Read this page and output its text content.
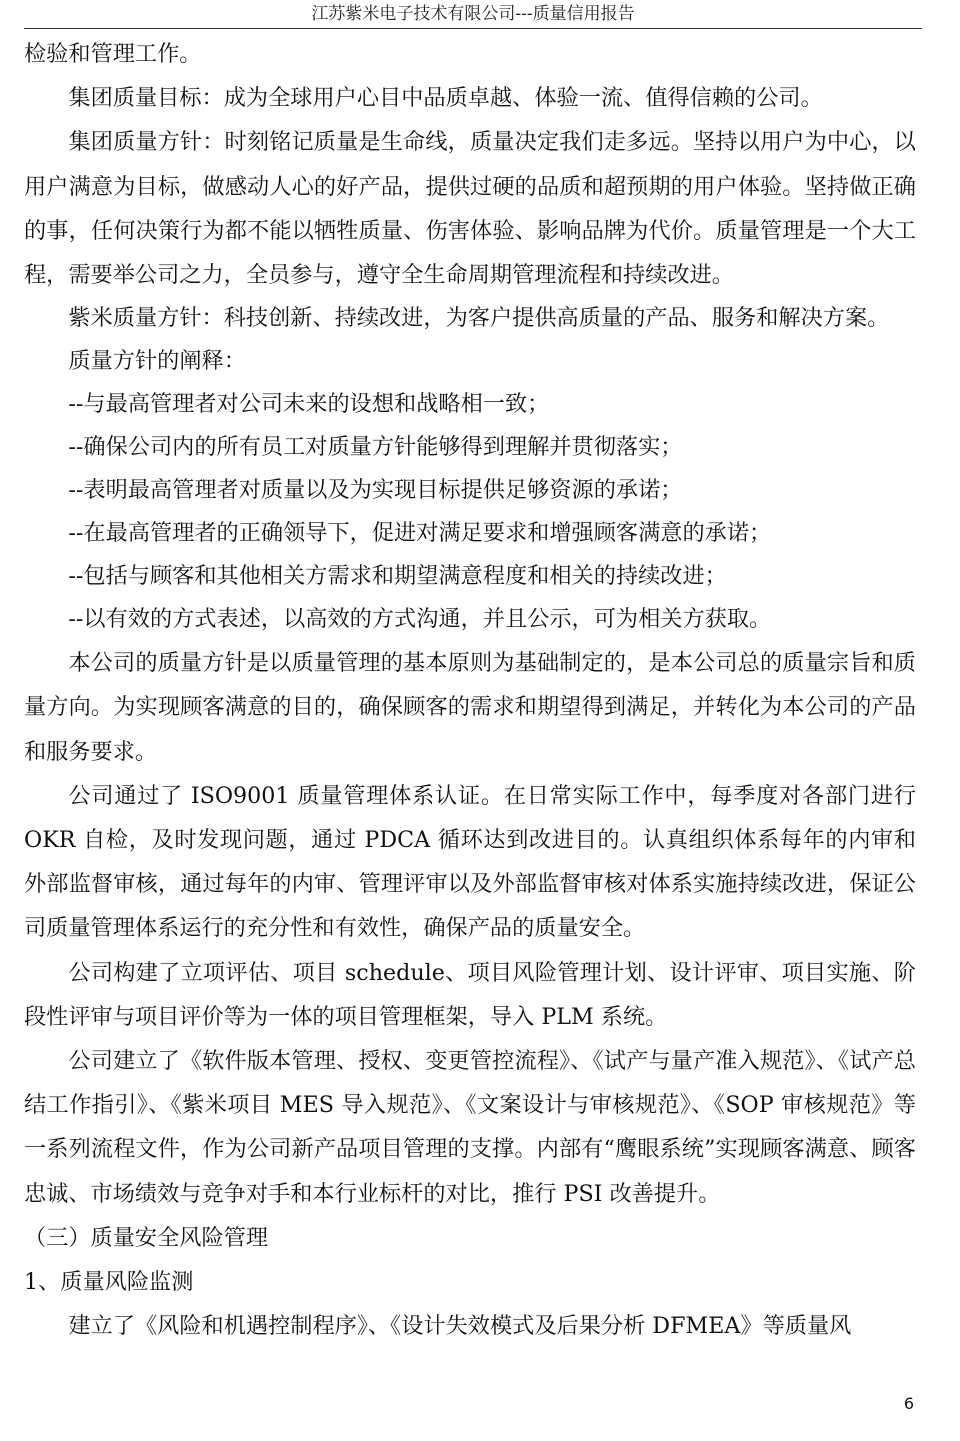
江苏紫米电子技术有限公司---质量信用报告

检验和管理工作。

集团质量目标：成为全球用户心目中品质卓越、体验一流、值得信赖的公司。

集团质量方针：时刻铭记质量是生命线，质量决定我们走多远。坚持以用户为中心，以用户满意为目标，做感动人心的好产品，提供过硬的品质和超预期的用户体验。坚持做正确的事，任何决策行为都不能以牺牲质量、伤害体验、影响品牌为代价。质量管理是一个大工程，需要举公司之力，全员参与，遵守全生命周期管理流程和持续改进。

紫米质量方针：科技创新、持续改进，为客户提供高质量的产品、服务和解决方案。

质量方针的阐释：

--与最高管理者对公司未来的设想和战略相一致；

--确保公司内的所有员工对质量方针能够得到理解并贯彻落实；

--表明最高管理者对质量以及为实现目标提供足够资源的承诺；

--在最高管理者的正确领导下，促进对满足要求和增强顾客满意的承诺；

--包括与顾客和其他相关方需求和期望满意程度和相关的持续改进；

--以有效的方式表述，以高效的方式沟通，并且公示，可为相关方获取。

本公司的质量方针是以质量管理的基本原则为基础制定的，是本公司总的质量宗旨和质量方向。为实现顾客满意的目的，确保顾客的需求和期望得到满足，并转化为本公司的产品和服务要求。

公司通过了 ISO9001 质量管理体系认证。在日常实际工作中，每季度对各部门进行 OKR 自检，及时发现问题，通过 PDCA 循环达到改进目的。认真组织体系每年的内审和外部监督审核，通过每年的内审、管理评审以及外部监督审核对体系实施持续改进，保证公司质量管理体系运行的充分性和有效性，确保产品的质量安全。

公司构建了立项评估、项目 schedule、项目风险管理计划、设计评审、项目实施、阶段性评审与项目评价等为一体的项目管理框架，导入 PLM 系统。

公司建立了《软件版本管理、授权、变更管控流程》、《试产与量产准入规范》、《试产总结工作指引》、《紫米项目 MES 导入规范》、《文案设计与审核规范》、《SOP 审核规范》等一系列流程文件，作为公司新产品项目管理的支撑。内部有“鹰眼系统”实现顾客满意、顾客忠诚、市场绩效与竞争对手和本行业标杆的对比，推行 PSI 改善提升。

（三）质量安全风险管理

1、质量风险监测

建立了《风险和机遇控制程序》、《设计失效模式及后果分析 DFMEA》等质量风

6
